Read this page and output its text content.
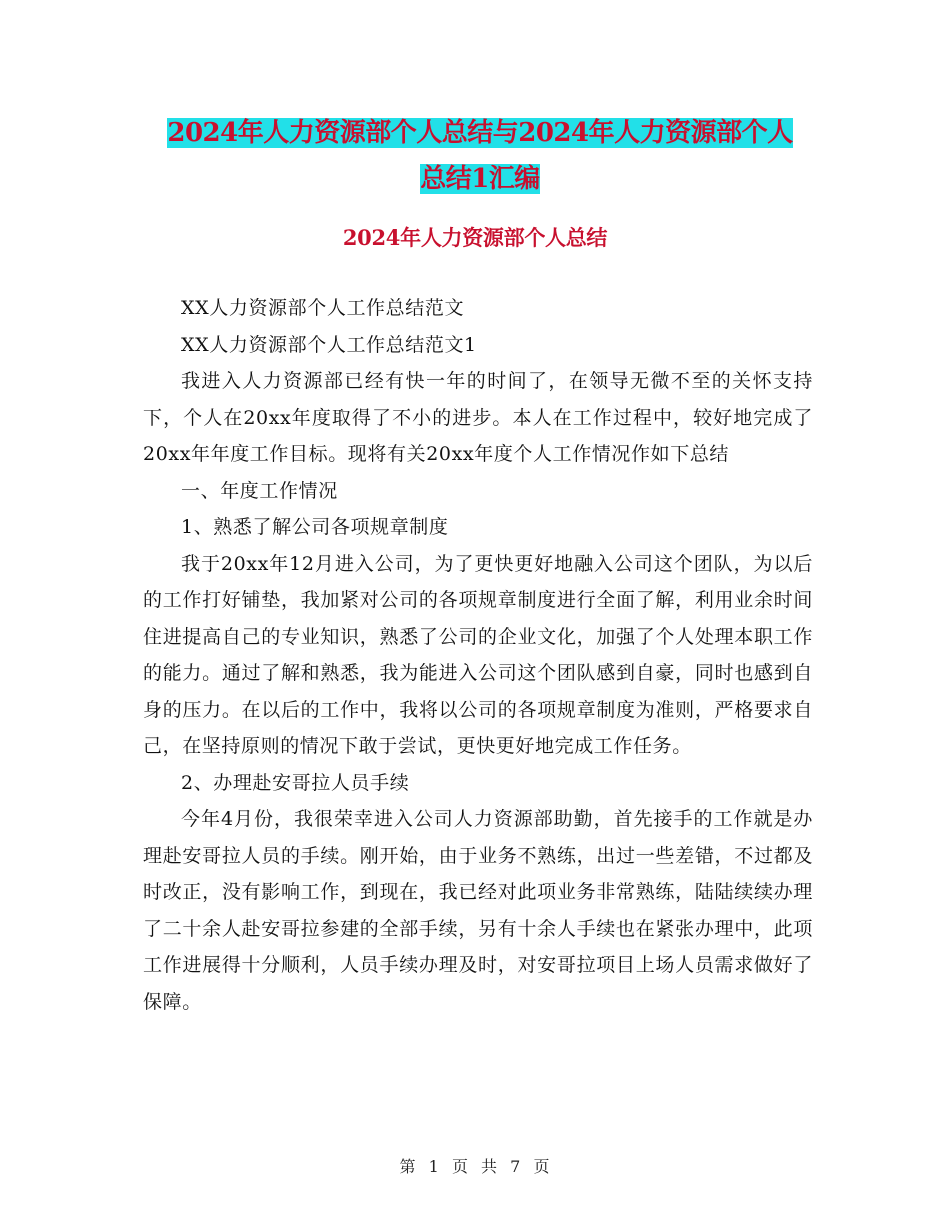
2024年人力资源部个人总结与2024年人力资源部个人
总结1汇编
2024年人力资源部个人总结

XX人力资源部个人工作总结范文

XX人力资源部个人工作总结范文1

我进入人力资源部已经有快一年的时间了，在领导无微不至的关怀支持下，个人在20xx年度取得了不小的进步。本人在工作过程中，较好地完成了20xx年年度工作目标。现将有关20xx年度个人工作情况作如下总结

一、年度工作情况

1、熟悉了解公司各项规章制度

我于20xx年12月进入公司，为了更快更好地融入公司这个团队，为以后的工作打好铺垫，我加紧对公司的各项规章制度进行全面了解，利用业余时间住进提高自己的专业知识，熟悉了公司的企业文化，加强了个人处理本职工作的能力。通过了解和熟悉，我为能进入公司这个团队感到自豪，同时也感到自身的压力。在以后的工作中，我将以公司的各项规章制度为准则，严格要求自己，在坚持原则的情况下敢于尝试，更快更好地完成工作任务。

2、办理赴安哥拉人员手续

今年4月份，我很荣幸进入公司人力资源部助勤，首先接手的工作就是办理赴安哥拉人员的手续。刚开始，由于业务不熟练，出过一些差错，不过都及时改正，没有影响工作，到现在，我已经对此项业务非常熟练，陆陆续续办理了二十余人赴安哥拉参建的全部手续，另有十余人手续也在紧张办理中，此项工作进展得十分顺利，人员手续办理及时，对安哥拉项目上场人员需求做好了保障。

第 1 页 共 7 页
